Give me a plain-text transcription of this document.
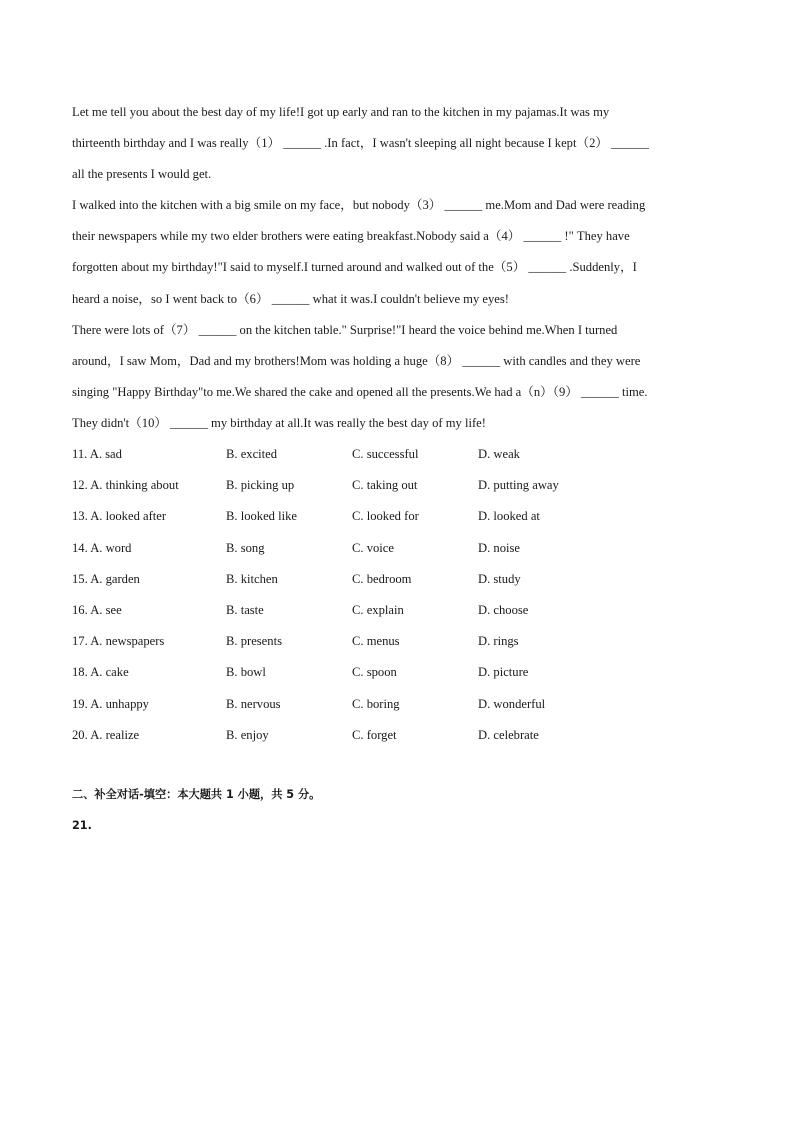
Let me tell you about the best day of my life!I got up early and ran to the kitchen in my pajamas.It was my
thirteenth birthday and I was really（1） ______ .In fact，I wasn't sleeping all night because I kept（2） ______
all the presents I would get.
I walked into the kitchen with a big smile on my face，but nobody（3） ______ me.Mom and Dad were reading
their newspapers while my two elder brothers were eating breakfast.Nobody said a（4） ______ !" They have
forgotten about my birthday!"I said to myself.I turned around and walked out of the（5） ______ .Suddenly，I
heard a noise，so I went back to（6） ______ what it was.I couldn't believe my eyes!
There were lots of（7） ______ on the kitchen table." Surprise!"I heard the voice behind me.When I turned
around，I saw Mom，Dad and my brothers!Mom was holding a huge（8） ______ with candles and they were
singing "Happy Birthday"to me.We shared the cake and opened all the presents.We had a（n）（9） ______ time.
They didn't（10） ______ my birthday at all.It was really the best day of my life!
11. A. sad	B. excited	C. successful	D. weak
12. A. thinking about	B. picking up	C. taking out	D. putting away
13. A. looked after	B. looked like	C. looked for	D. looked at
14. A. word	B. song	C. voice	D. noise
15. A. garden	B. kitchen	C. bedroom	D. study
16. A. see	B. taste	C. explain	D. choose
17. A. newspapers	B. presents	C. menus	D. rings
18. A. cake	B. bowl	C. spoon	D. picture
19. A. unhappy	B. nervous	C. boring	D. wonderful
20. A. realize	B. enjoy	C. forget	D. celebrate
二、补全对话-填空：本大题共 1 小题，共 5 分。
21.
